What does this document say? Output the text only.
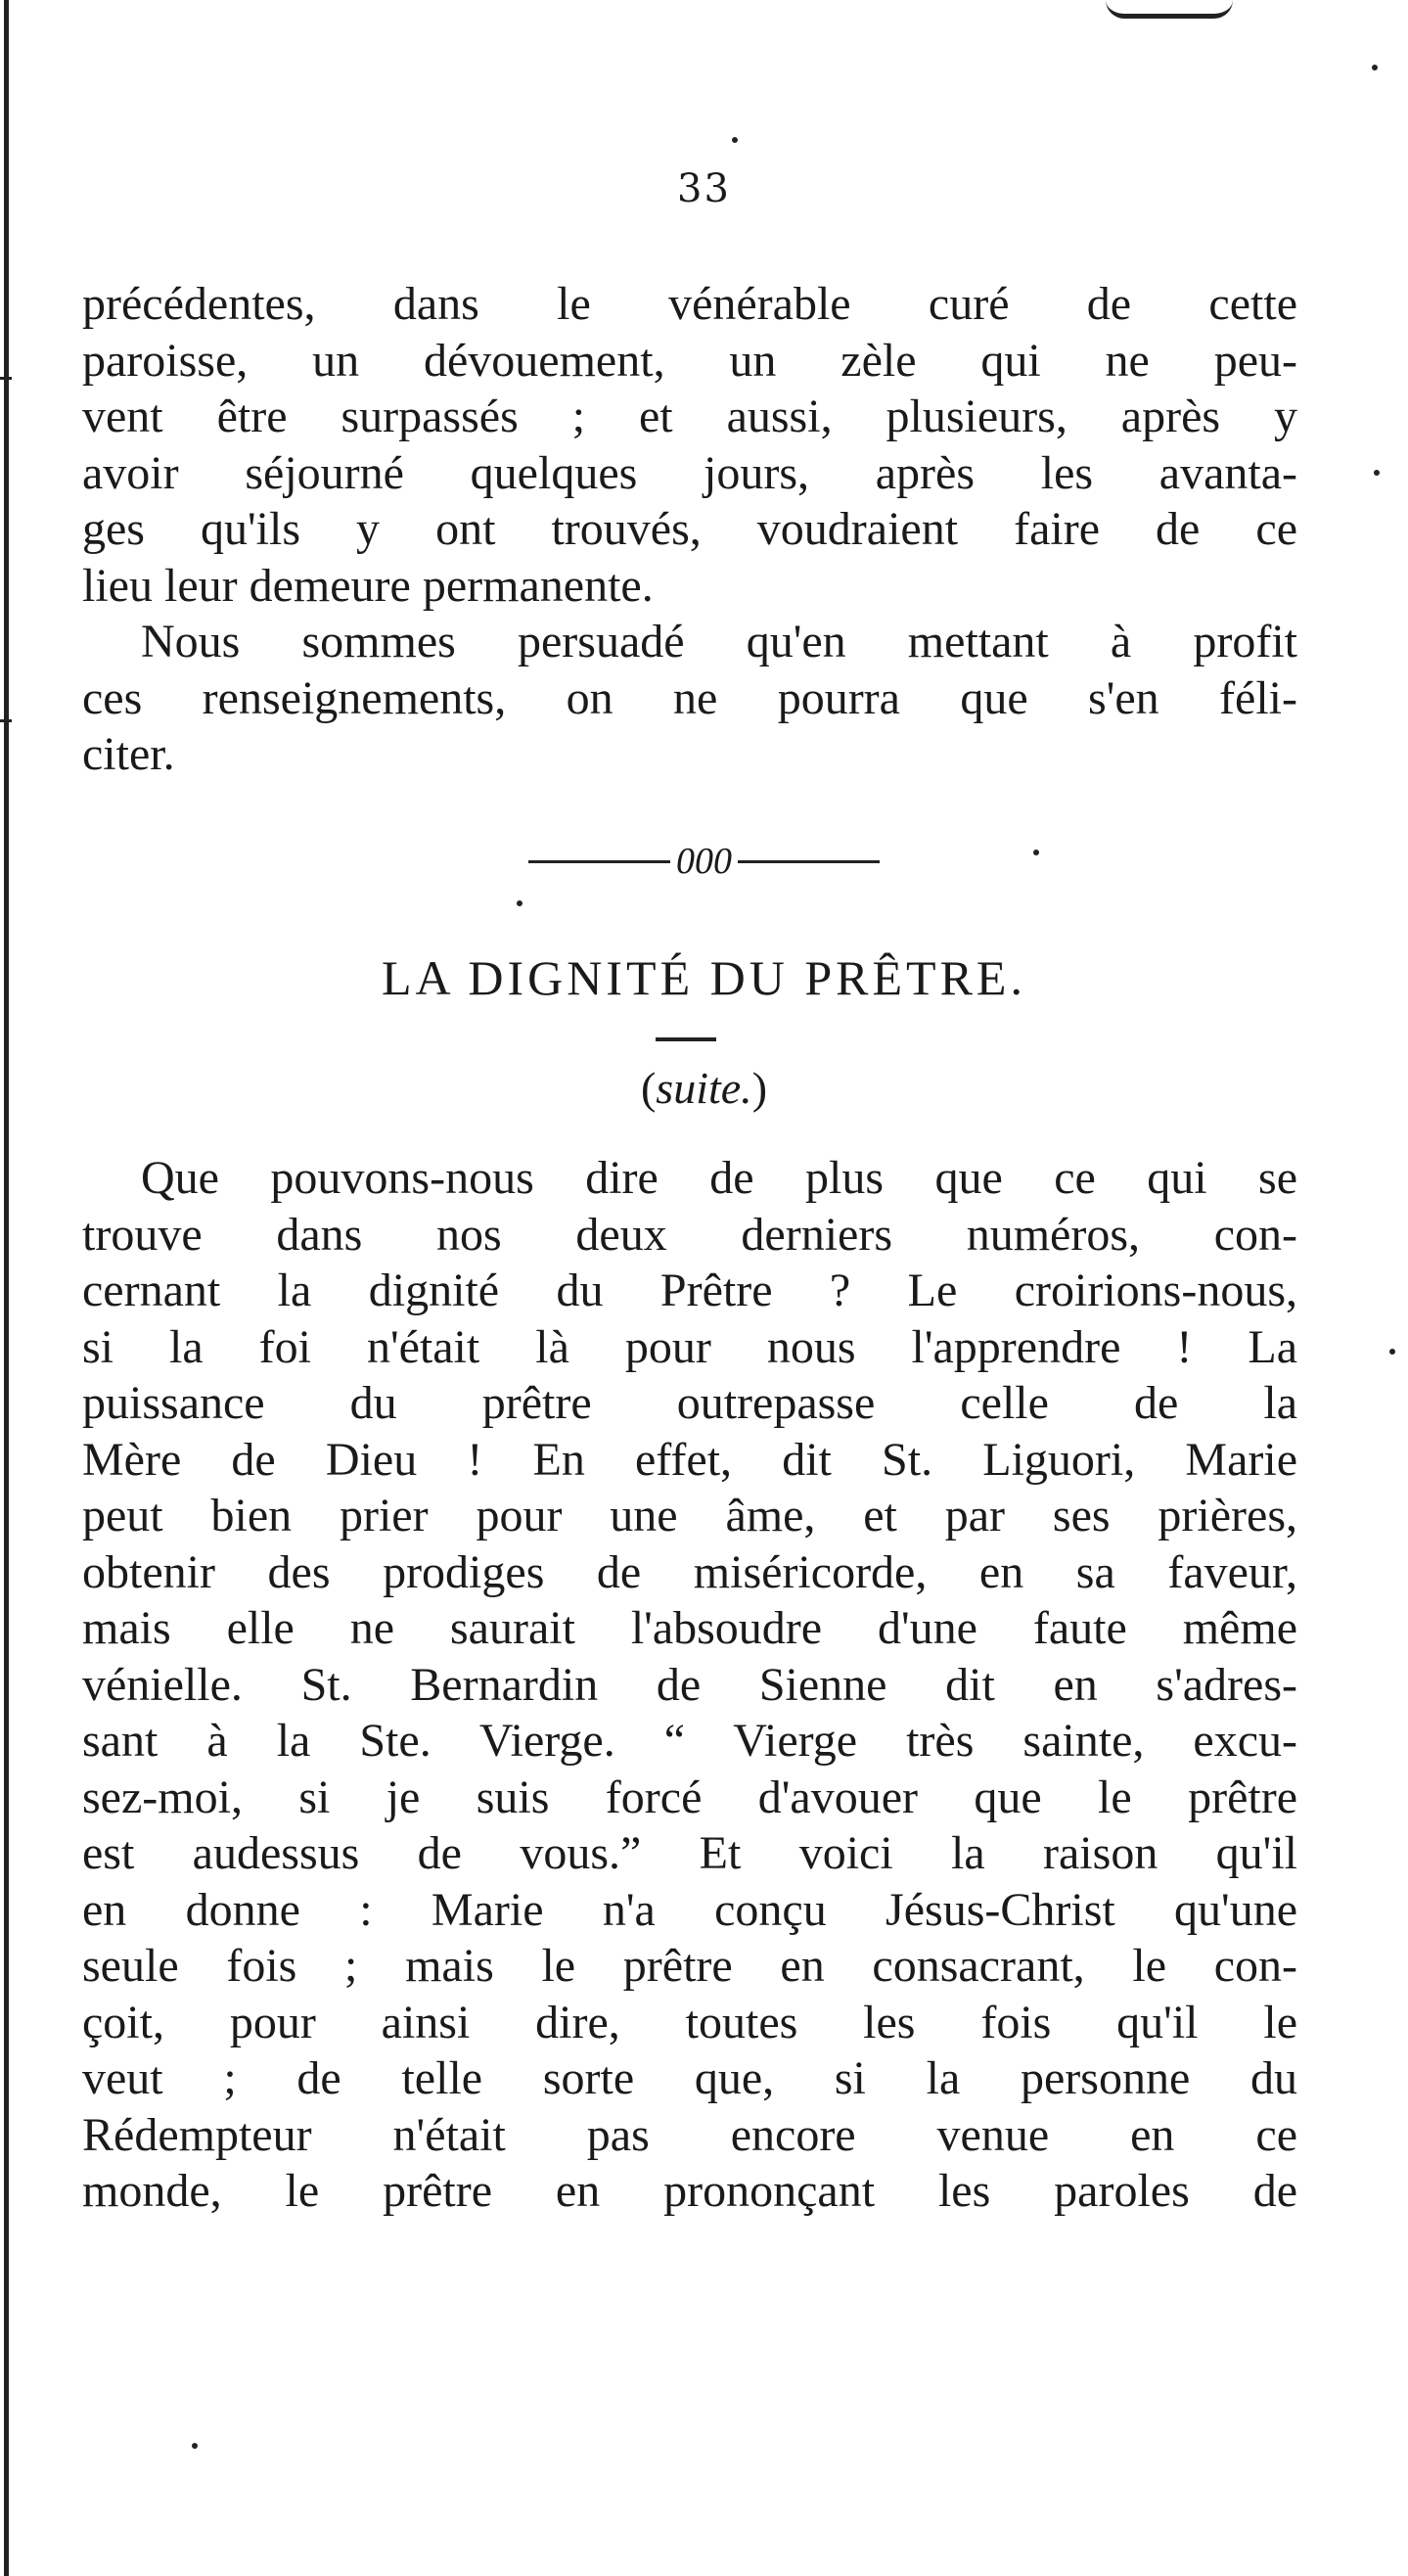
33
précédentes, dans le vénérable curé de cette
paroisse, un dévouement, un zèle qui ne peu-
vent être surpassés ; et aussi, plusieurs, après y
avoir séjourné quelques jours, après les avanta-
ges qu'ils y ont trouvés, voudraient faire de ce
lieu leur demeure permanente.
Nous sommes persuadé qu'en mettant à profit
ces renseignements, on ne pourra que s'en féli-
citer.
000
LA DIGNITÉ DU PRÊTRE.
(suite.)
Que pouvons-nous dire de plus que ce qui se
trouve dans nos deux derniers numéros, con-
cernant la dignité du Prêtre ? Le croirions-nous,
si la foi n'était là pour nous l'apprendre ! La
puissance du prêtre outrepasse celle de la
Mère de Dieu ! En effet, dit St. Liguori, Marie
peut bien prier pour une âme, et par ses prières,
obtenir des prodiges de miséricorde, en sa faveur,
mais elle ne saurait l'absoudre d'une faute même
vénielle. St. Bernardin de Sienne dit en s'adres-
sant à la Ste. Vierge. “ Vierge très sainte, excu-
sez-moi, si je suis forcé d'avouer que le prêtre
est audessus de vous.” Et voici la raison qu'il
en donne : Marie n'a conçu Jésus-Christ qu'une
seule fois ; mais le prêtre en consacrant, le con-
çoit, pour ainsi dire, toutes les fois qu'il le
veut ; de telle sorte que, si la personne du
Rédempteur n'était pas encore venue en ce
monde, le prêtre en prononçant les paroles de
